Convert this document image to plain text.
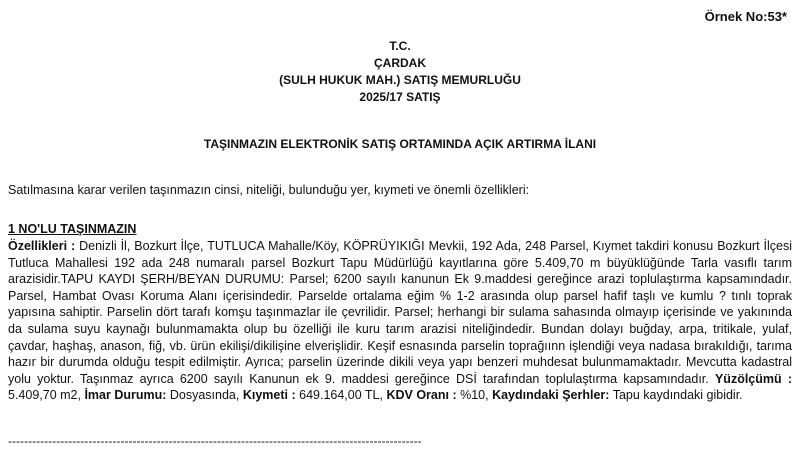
Örnek No:53*
T.C.
ÇARDAK
(SULH HUKUK MAH.) SATIŞ MEMURLUĞU
2025/17 SATIŞ
TAŞINMAZIN ELEKTRONİK SATIŞ ORTAMINDA AÇIK ARTIRMA İLANI
Satılmasına karar verilen taşınmazın cinsi, niteliği, bulunduğu yer, kıymeti ve önemli özellikleri:
1 NO'LU TAŞINMAZIN
Özellikleri : Denizli İl, Bozkurt İlçe, TUTLUCA Mahalle/Köy, KÖPRÜYIKIĞI Mevkii, 192 Ada, 248 Parsel, Kıymet takdiri konusu Bozkurt İlçesi Tutluca Mahallesi 192 ada 248 numaralı parsel Bozkurt Tapu Müdürlüğü kayıtlarına göre 5.409,70 m büyüklüğünde Tarla vasıflı tarım arazisidir.TAPU KAYDI ŞERH/BEYAN DURUMU: Parsel; 6200 sayılı kanunun Ek 9.maddesi gereğince arazi toplulaştırma kapsamındadır. Parsel, Hambat Ovası Koruma Alanı içerisindedir. Parselde ortalama eğim % 1-2 arasında olup parsel hafif taşlı ve kumlu ? tınlı toprak yapısına sahiptir. Parselin dört tarafı komşu taşınmazlar ile çevrilidir. Parsel; herhangi bir sulama sahasında olmayıp içerisinde ve yakınında da sulama suyu kaynağı bulunmamakta olup bu özelliği ile kuru tarım arazisi niteliğindedir. Bundan dolayı buğday, arpa, tritikale, yulaf, çavdar, haşhaş, anason, fiğ, vb. ürün ekilişi/dikilişine elverişlidir. Keşif esnasında parselin toprağıınn işlendiği veya nadasa bırakıldığı, tarıma hazır bir durumda olduğu tespit edilmiştir. Ayrıca; parselin üzerinde dikili veya yapı benzeri muhdesat bulunmamaktadır. Mevcutta kadastral yolu yoktur. Taşınmaz ayrıca 6200 sayılı Kanunun ek 9. maddesi gereğince DSİ tarafından toplulaştırma kapsamındadır. Yüzölçümü : 5.409,70 m2, İmar Durumu: Dosyasında, Kıymeti : 649.164,00 TL, KDV Oranı : %10, Kaydındaki Şerhler: Tapu kaydındaki gibidir.
-------------------------------------------------------------------------------------------------------
